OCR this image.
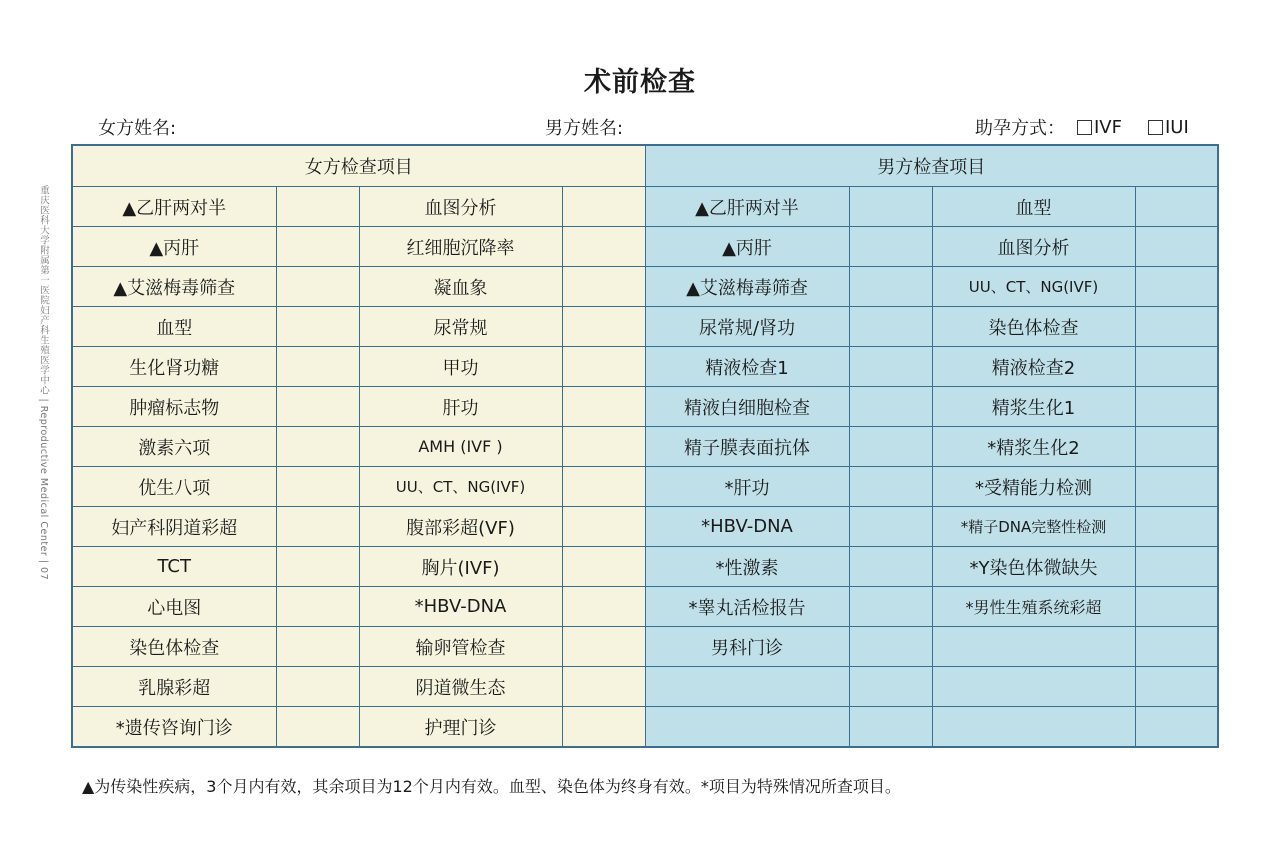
术前检查
女方姓名:	男方姓名:	助孕方式： IVF IUI
重庆医科大学附属第一医院妇产科生殖医学中心 | Reproductive Medical Center | 07
女方检查项目				男方检查项目			
▲乙肝两对半		血图分析		▲乙肝两对半		血型	
▲丙肝		红细胞沉降率		▲丙肝		血图分析	
▲艾滋梅毒筛查		凝血象		▲艾滋梅毒筛查		UU、CT、NG(IVF)	
血型		尿常规		尿常规/肾功		染色体检查	
生化肾功糖		甲功		精液检查1		精液检查2	
肿瘤标志物		肝功		精液白细胞检查		精浆生化1	
激素六项		AMH (IVF )		精子膜表面抗体		*精浆生化2	
优生八项		UU、CT、NG(IVF)		*肝功		*受精能力检测	
妇产科阴道彩超		腹部彩超(VF)		*HBV-DNA		*精子DNA完整性检测	
TCT		胸片(IVF)		*性激素		*Y染色体微缺失	
心电图		*HBV-DNA		*睾丸活检报告		*男性生殖系统彩超	
染色体检查		输卵管检查		男科门诊			
乳腺彩超		阴道微生态					
*遗传咨询门诊		护理门诊					
▲为传染性疾病，3个月内有效，其余项目为12个月内有效。血型、染色体为终身有效。*项目为特殊情况所查项目。
